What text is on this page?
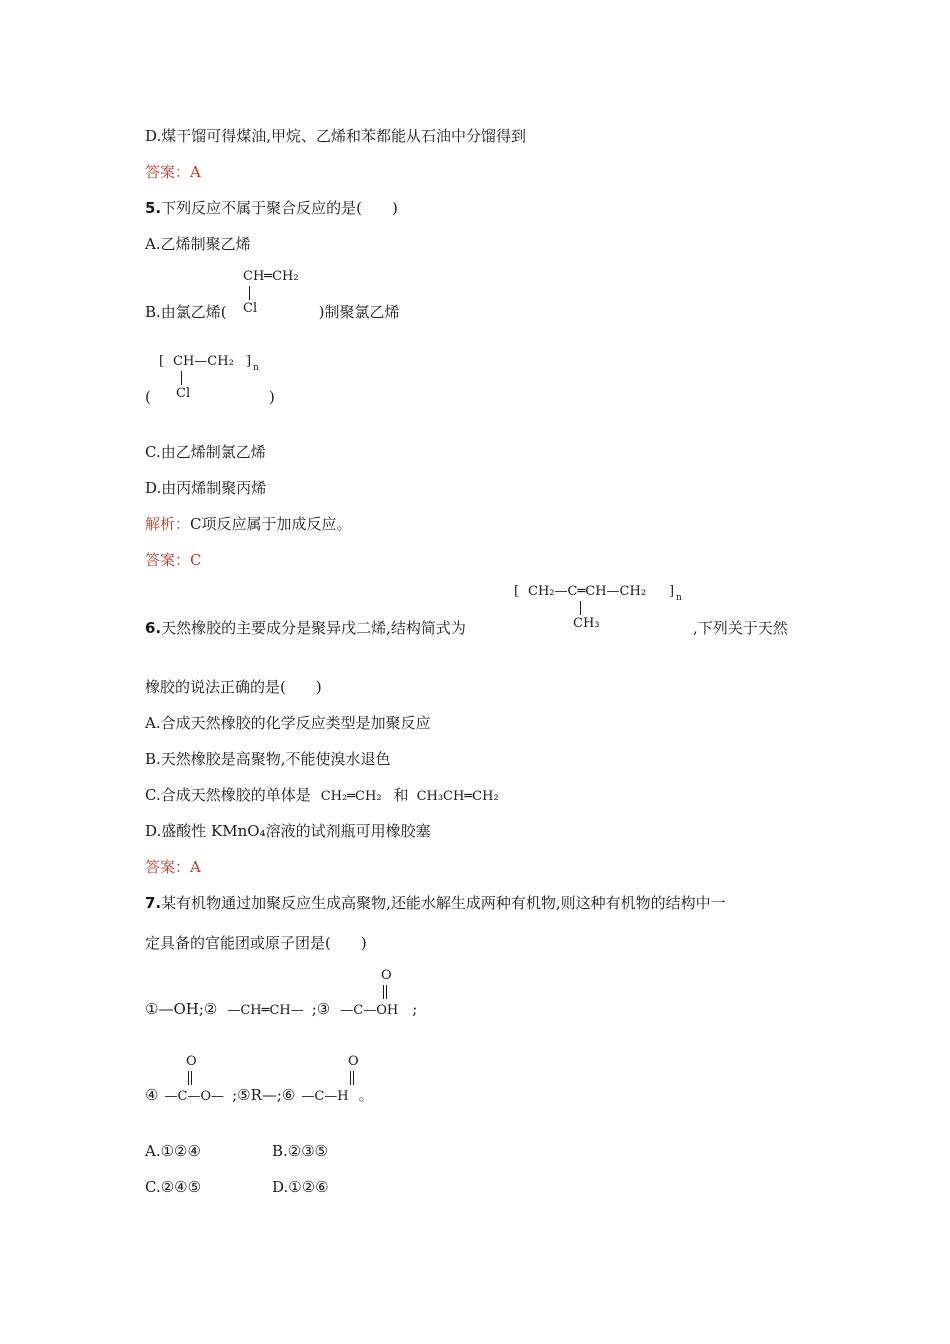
D.煤干馏可得煤油,甲烷、乙烯和苯都能从石油中分馏得到
答案：A
5.下列反应不属于聚合反应的是(　　)
A.乙烯制聚乙烯
CH═CH₂
Cl
B.由氯乙烯(	)制聚氯乙烯
[ CH—CH₂ ] n
Cl
(	)
C.由乙烯制氯乙烯
D.由丙烯制聚丙烯
解析：C项反应属于加成反应。
答案：C
[ CH₂—C═CH—CH₂ ] n
CH₃
6.天然橡胶的主要成分是聚异戊二烯,结构简式为	,下列关于天然
橡胶的说法正确的是(　　)
A.合成天然橡胶的化学反应类型是加聚反应
B.天然橡胶是高聚物,不能使溴水退色
C.合成天然橡胶的单体是 CH₂═CH₂ 和 CH₃CH═CH₂
D.盛酸性 KMnO₄溶液的试剂瓶可用橡胶塞
答案：A
7.某有机物通过加聚反应生成高聚物,还能水解生成两种有机物,则这种有机物的结构中一
定具备的官能团或原子团是(　　)
O
①—OH;② —CH═CH— ;③ —C—OH ;
O	O
④ —C—O— ;⑤R—;⑥ —C—H 。
A.①②④	B.②③⑤
C.②④⑤	D.①②⑥
